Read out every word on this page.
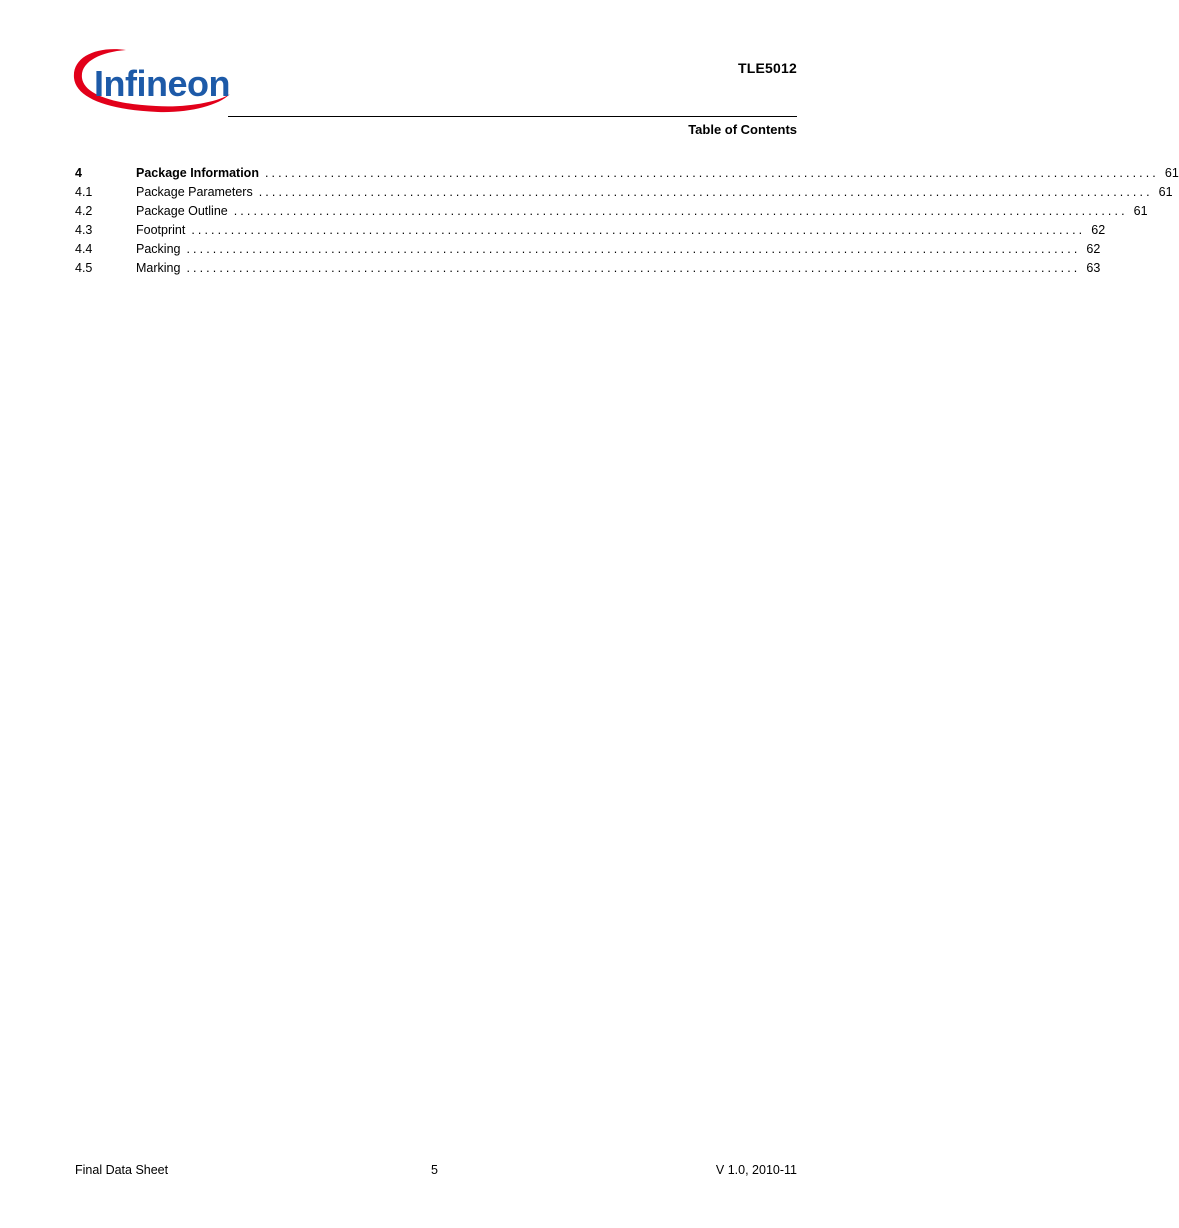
Infineon	TLE5012
Table of Contents
4	Package Information ........................................................................................................................................ 61
4.1	Package Parameters ........................................................................................................................................ 61
4.2	Package Outline ........................................................................................................................................ 61
4.3	Footprint ........................................................................................................................................ 62
4.4	Packing ........................................................................................................................................ 62
4.5	Marking ........................................................................................................................................ 63
Final Data Sheet	5	V 1.0, 2010-11
